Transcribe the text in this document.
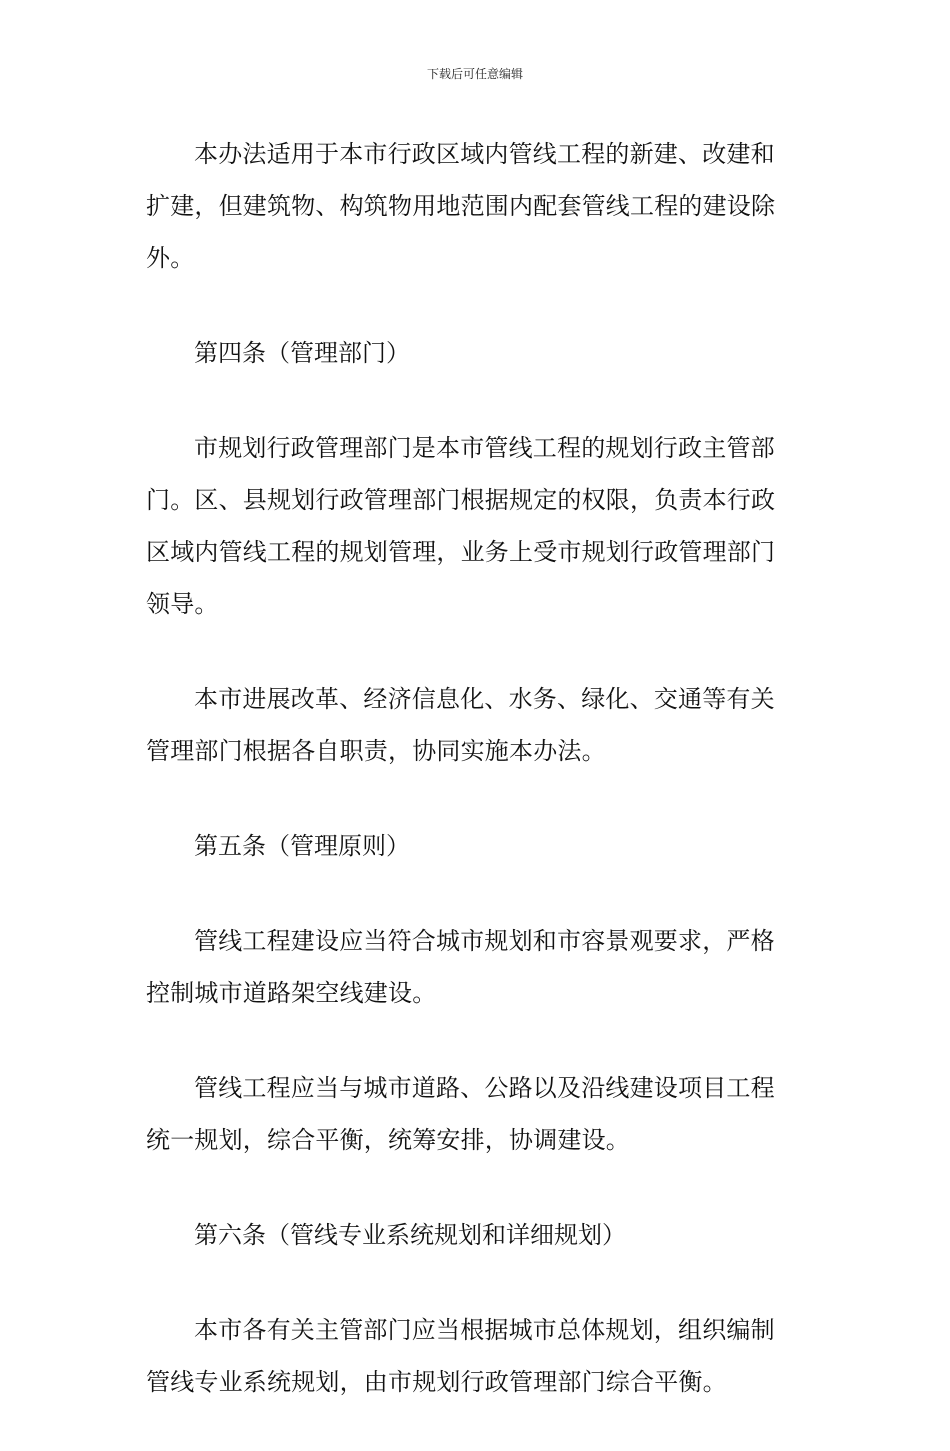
下载后可任意编辑

本办法适用于本市行政区域内管线工程的新建、改建和扩建，但建筑物、构筑物用地范围内配套管线工程的建设除外。

第四条（管理部门）

市规划行政管理部门是本市管线工程的规划行政主管部门。区、县规划行政管理部门根据规定的权限，负责本行政区域内管线工程的规划管理，业务上受市规划行政管理部门领导。

本市进展改革、经济信息化、水务、绿化、交通等有关管理部门根据各自职责，协同实施本办法。

第五条（管理原则）

管线工程建设应当符合城市规划和市容景观要求，严格控制城市道路架空线建设。

管线工程应当与城市道路、公路以及沿线建设项目工程统一规划，综合平衡，统筹安排，协调建设。

第六条（管线专业系统规划和详细规划）

本市各有关主管部门应当根据城市总体规划，组织编制管线专业系统规划，由市规划行政管理部门综合平衡。
